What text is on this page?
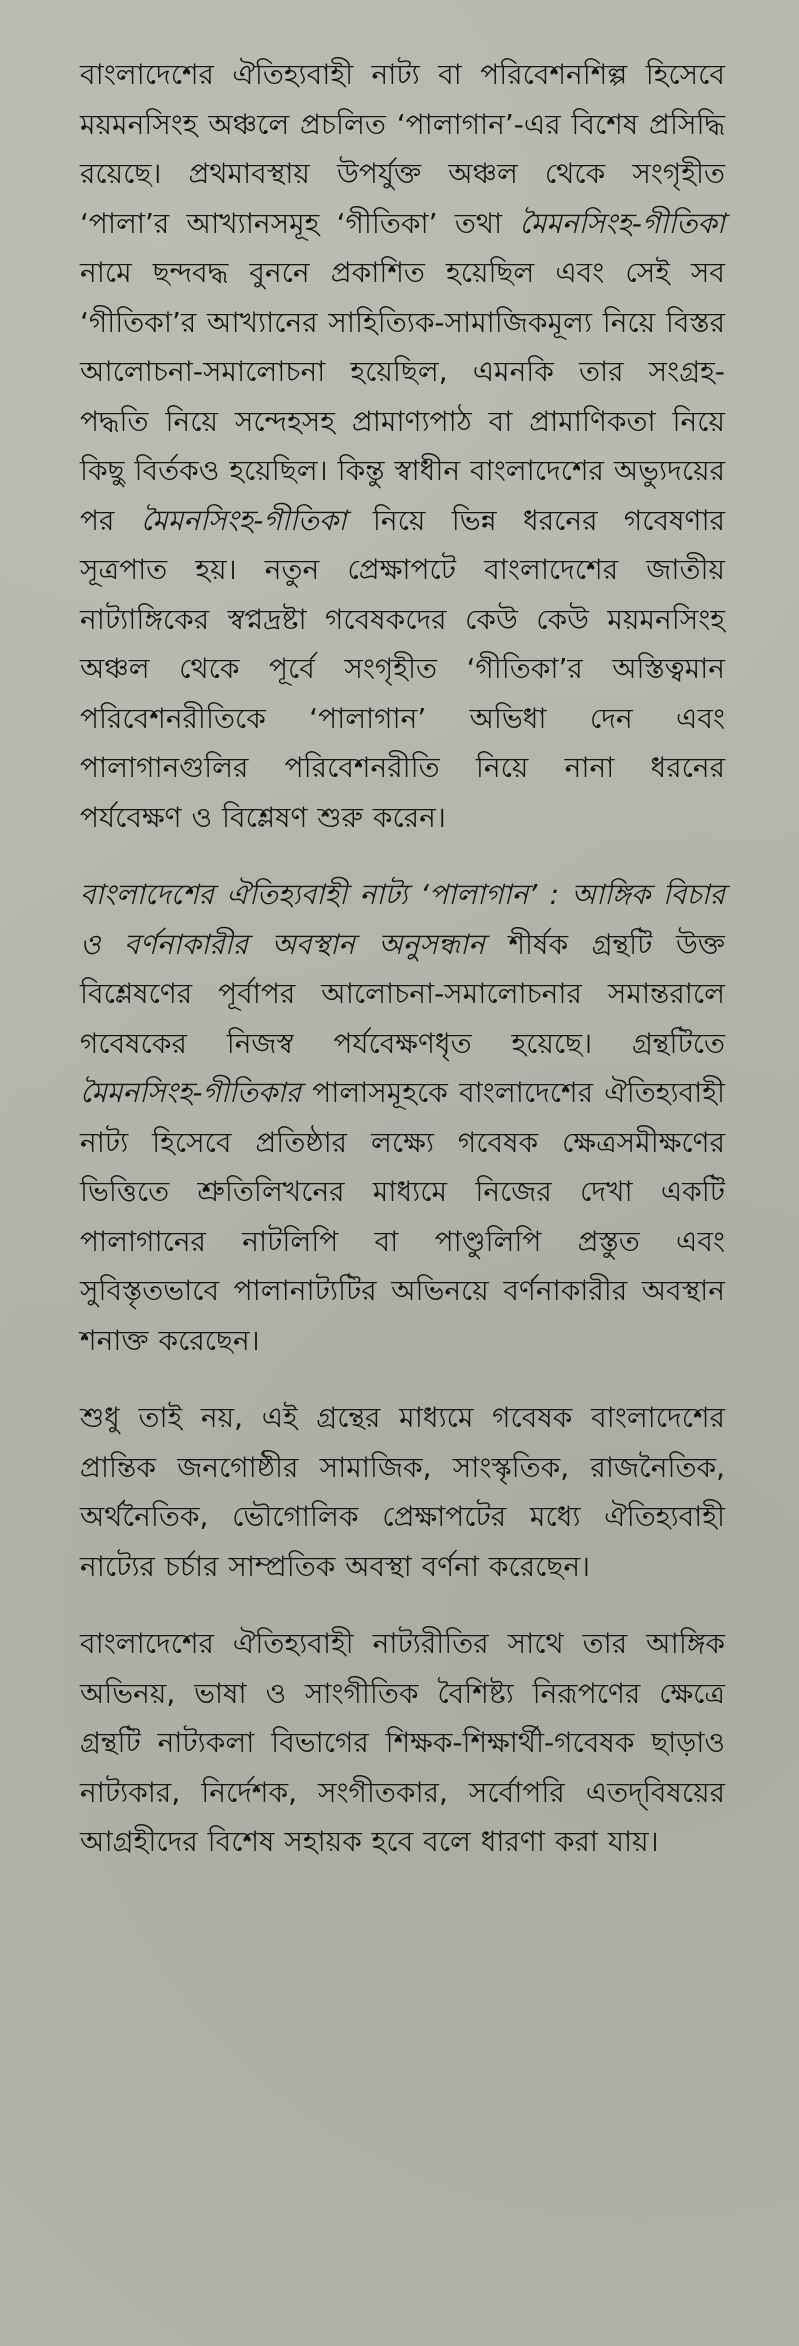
বাংলাদেশের ঐতিহ্যবাহী নাট্য বা পরিবেশনশিল্প হিসেবে ময়মনসিংহ অঞ্চলে প্রচলিত ‘পালাগান’-এর বিশেষ প্রসিদ্ধি রয়েছে। প্রথমাবস্থায় উপর্যুক্ত অঞ্চল থেকে সংগৃহীত ‘পালা’র আখ্যানসমূহ ‘গীতিকা’ তথা মৈমনসিংহ-গীতিকা নামে ছন্দবদ্ধ বুননে প্রকাশিত হয়েছিল এবং সেই সব ‘গীতিকা’র আখ্যানের সাহিত্যিক-সামাজিকমূল্য নিয়ে বিস্তর আলোচনা-সমালোচনা হয়েছিল, এমনকি তার সংগ্রহ-পদ্ধতি নিয়ে সন্দেহসহ প্রামাণ্যপাঠ বা প্রামাণিকতা নিয়ে কিছু বির্তকও হয়েছিল। কিন্তু স্বাধীন বাংলাদেশের অভ্যুদয়ের পর মৈমনসিংহ-গীতিকা নিয়ে ভিন্ন ধরনের গবেষণার সূত্রপাত হয়। নতুন প্রেক্ষাপটে বাংলাদেশের জাতীয় নাট্যাঙ্গিকের স্বপ্নদ্রষ্টা গবেষকদের কেউ কেউ ময়মনসিংহ অঞ্চল থেকে পূর্বে সংগৃহীত ‘গীতিকা’র অস্তিত্বমান পরিবেশনরীতিকে ‘পালাগান’ অভিধা দেন এবং পালাগানগুলির পরিবেশনরীতি নিয়ে নানা ধরনের পর্যবেক্ষণ ও বিশ্লেষণ শুরু করেন।

বাংলাদেশের ঐতিহ্যবাহী নাট্য ‘পালাগান’ : আঙ্গিক বিচার ও বর্ণনাকারীর অবস্থান অনুসন্ধান শীর্ষক গ্রন্থটি উক্ত বিশ্লেষণের পূর্বাপর আলোচনা-সমালোচনার সমান্তরালে গবেষকের নিজস্ব পর্যবেক্ষণধৃত হয়েছে। গ্রন্থটিতে মৈমনসিংহ-গীতিকার পালাসমূহকে বাংলাদেশের ঐতিহ্যবাহী নাট্য হিসেবে প্রতিষ্ঠার লক্ষ্যে গবেষক ক্ষেত্রসমীক্ষণের ভিত্তিতে শ্রুতিলিখনের মাধ্যমে নিজের দেখা একটি পালাগানের নাটলিপি বা পাণ্ডুলিপি প্রস্তুত এবং সুবিস্তৃতভাবে পালানাট্যটির অভিনয়ে বর্ণনাকারীর অবস্থান শনাক্ত করেছেন।

শুধু তাই নয়, এই গ্রন্থের মাধ্যমে গবেষক বাংলাদেশের প্রান্তিক জনগোষ্ঠীর সামাজিক, সাংস্কৃতিক, রাজনৈতিক, অর্থনৈতিক, ভৌগোলিক প্রেক্ষাপটের মধ্যে ঐতিহ্যবাহী নাট্যের চর্চার সাম্প্রতিক অবস্থা বর্ণনা করেছেন।

বাংলাদেশের ঐতিহ্যবাহী নাট্যরীতির সাথে তার আঙ্গিক অভিনয়, ভাষা ও সাংগীতিক বৈশিষ্ট্য নিরূপণের ক্ষেত্রে গ্রন্থটি নাট্যকলা বিভাগের শিক্ষক-শিক্ষার্থী-গবেষক ছাড়াও নাট্যকার, নির্দেশক, সংগীতকার, সর্বোপরি এতদ্‌বিষয়ের আগ্রহীদের বিশেষ সহায়ক হবে বলে ধারণা করা যায়।
